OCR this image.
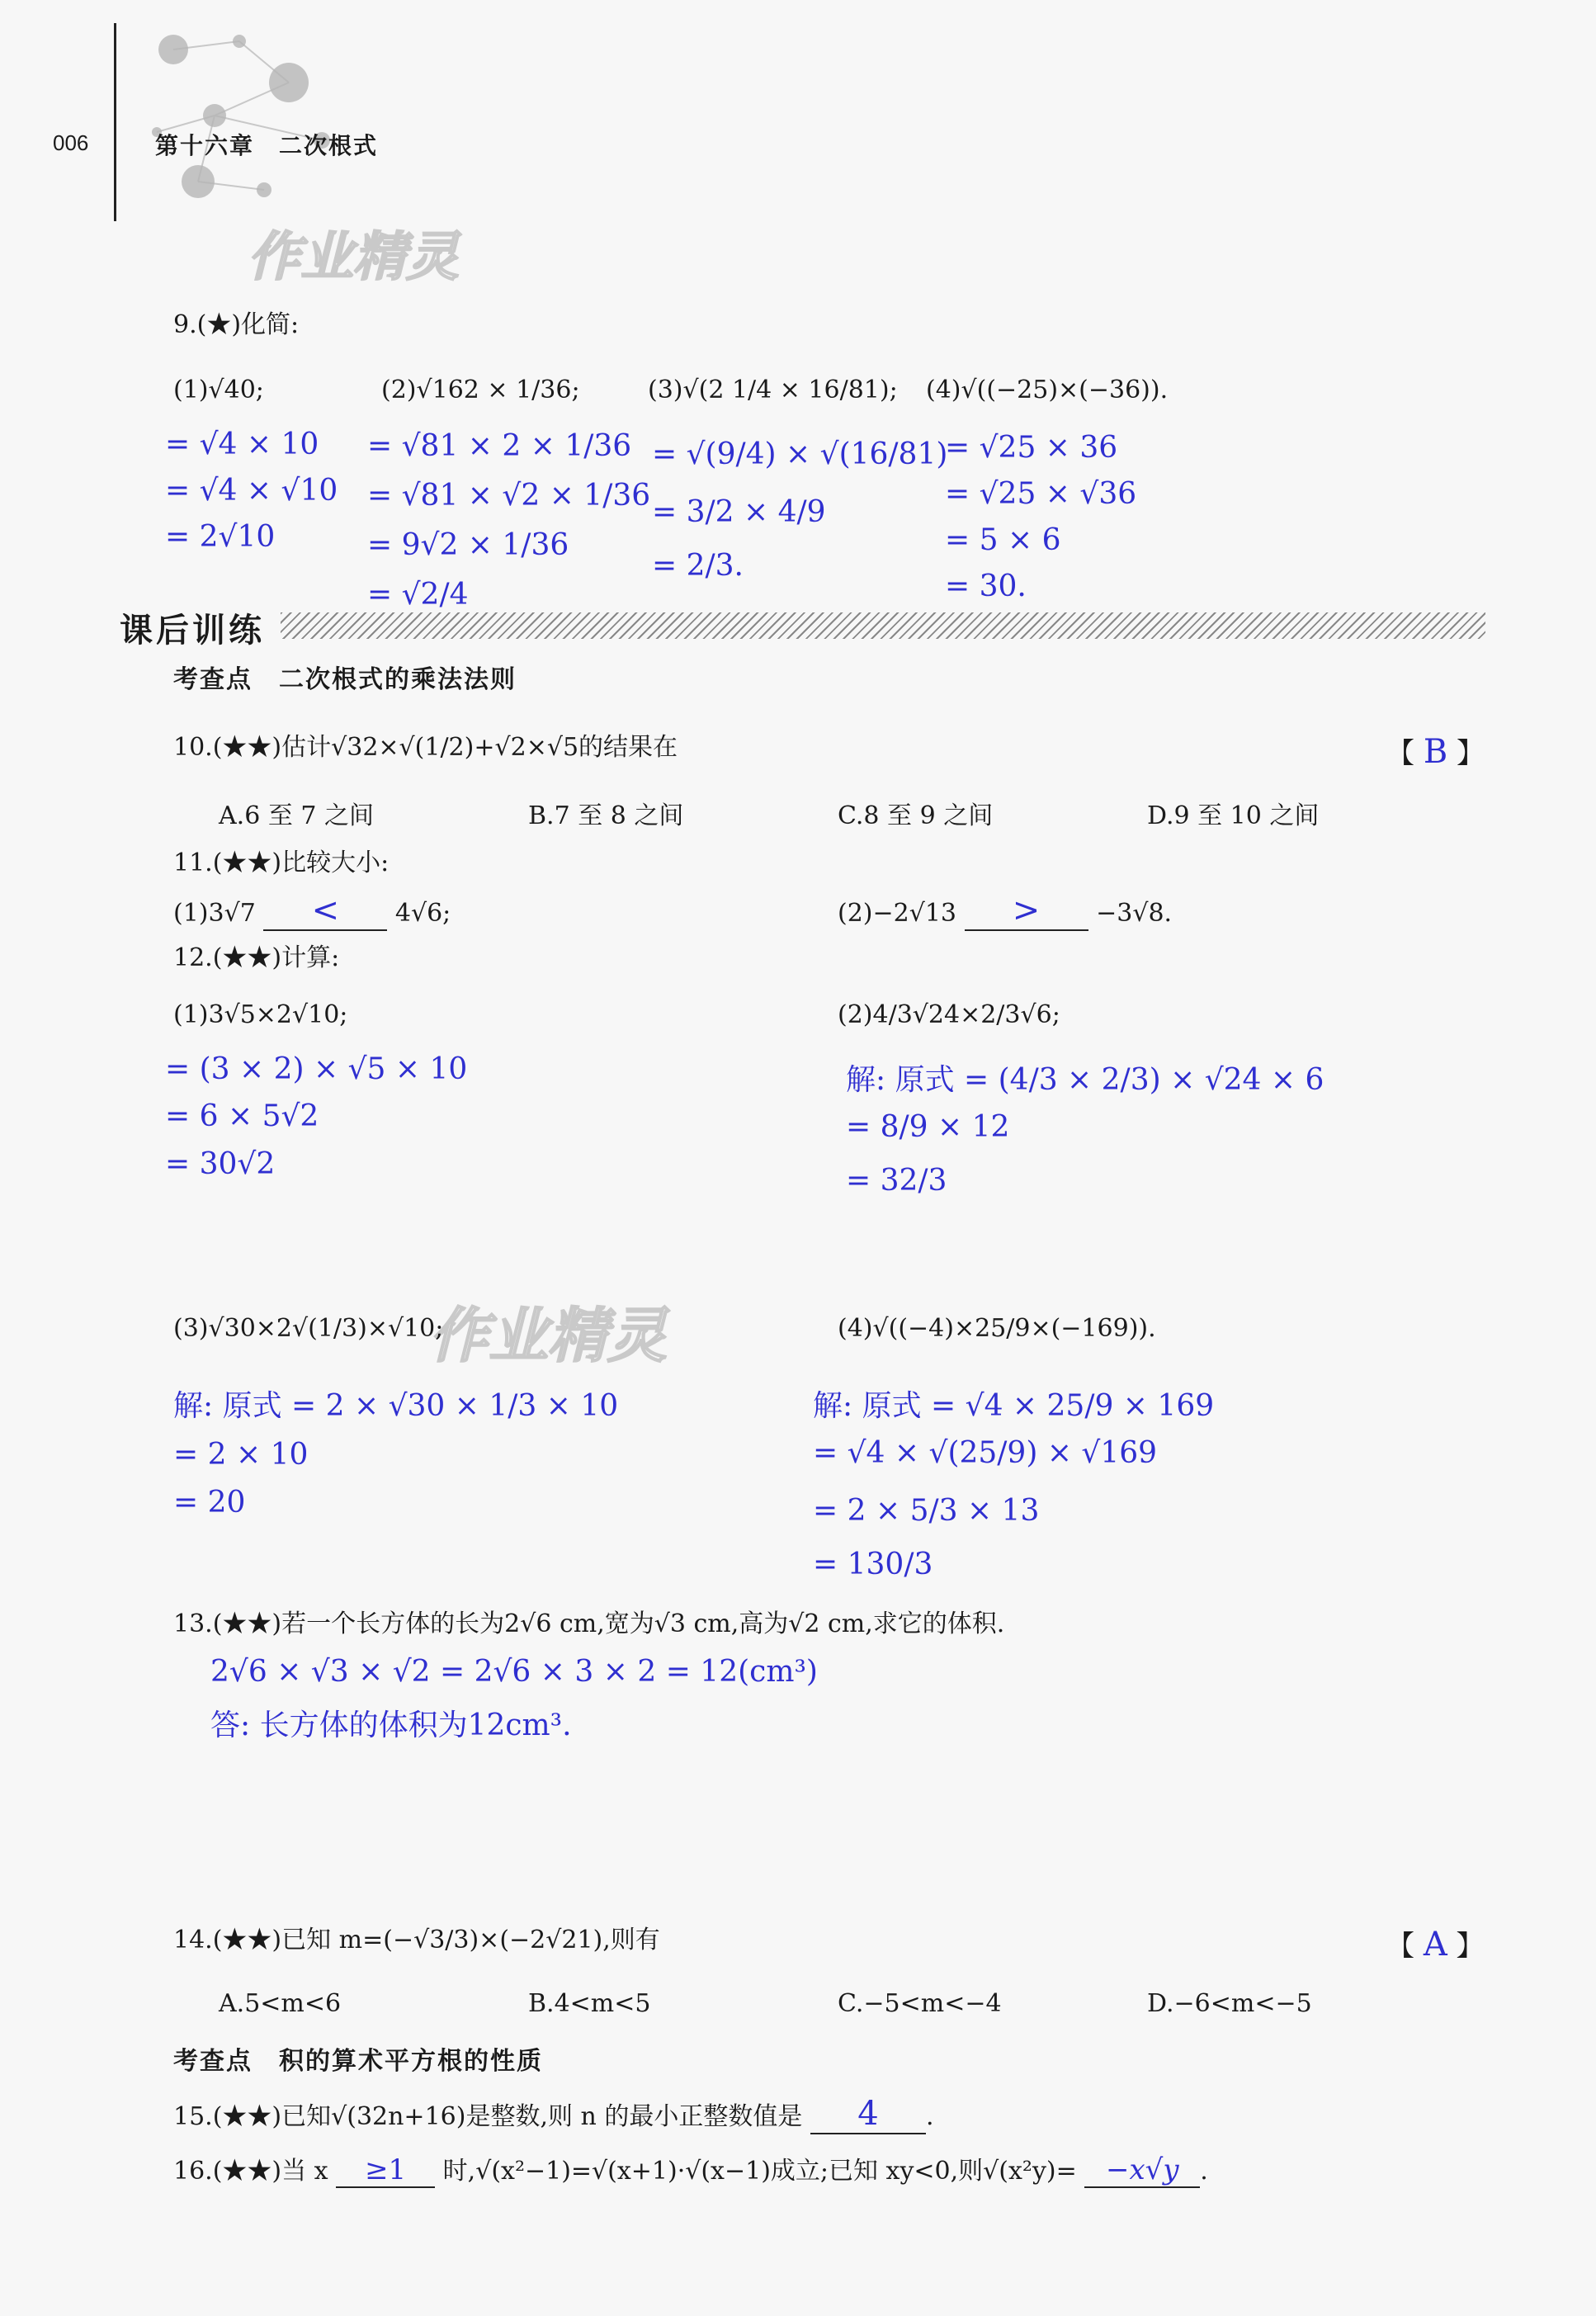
006	第十六章　二次根式
作业精灵
作业精灵
9.(★)化简:
(1)√40;	(2)√162 × 1/36;	(3)√(2 1/4 × 16/81); (4)√((−25)×(−36)).
= √4 × 10
= √4 × √10
= 2√10
= √81 × 2 × 1/36
= √81 × √2 × 1/36
= 9√2 × 1/36
= √2/4
= √(9/4) × √(16/81)
= 3/2 × 4/9
= 2/3.
= √25 × 36
= √25 × √36
= 5 × 6
= 30.
课后训练
考查点　二次根式的乘法法则
10.(★★)估计√32×√(1/2)+√2×√5的结果在	【 B 】
A.6 至 7 之间	B.7 至 8 之间	C.8 至 9 之间	D.9 至 10 之间
11.(★★)比较大小:
(1)3√7 < 4√6;	(2)−2√13 > −3√8.
12.(★★)计算:
(1)3√5×2√10;
= (3 × 2) × √5 × 10
= 6 × 5√2
= 30√2
(2)4/3√24×2/3√6;
解: 原式 = (4/3 × 2/3) × √24 × 6
= 8/9 × 12
= 32/3
(3)√30×2√(1/3)×√10;
解: 原式 = 2 × √30 × 1/3 × 10
= 2 × 10
= 20
(4)√((−4)×25/9×(−169)).
解: 原式 = √4 × 25/9 × 169
= √4 × √(25/9) × √169
= 2 × 5/3 × 13
= 130/3
13.(★★)若一个长方体的长为2√6 cm,宽为√3 cm,高为√2 cm,求它的体积.
2√6 × √3 × √2 = 2√6 × 3 × 2 = 12(cm³)
答: 长方体的体积为12cm³.
14.(★★)已知 m=(−√3/3)×(−2√21),则有	【 A 】
A.5<m<6	B.4<m<5	C.−5<m<−4	D.−6<m<−5
考查点　积的算术平方根的性质
15.(★★)已知√(32n+16)是整数,则 n 的最小正整数值是 4 .
16.(★★)当 x ≥1 时,√(x²−1)=√(x+1)·√(x−1)成立;已知 xy<0,则√(x²y)= −x√y .
